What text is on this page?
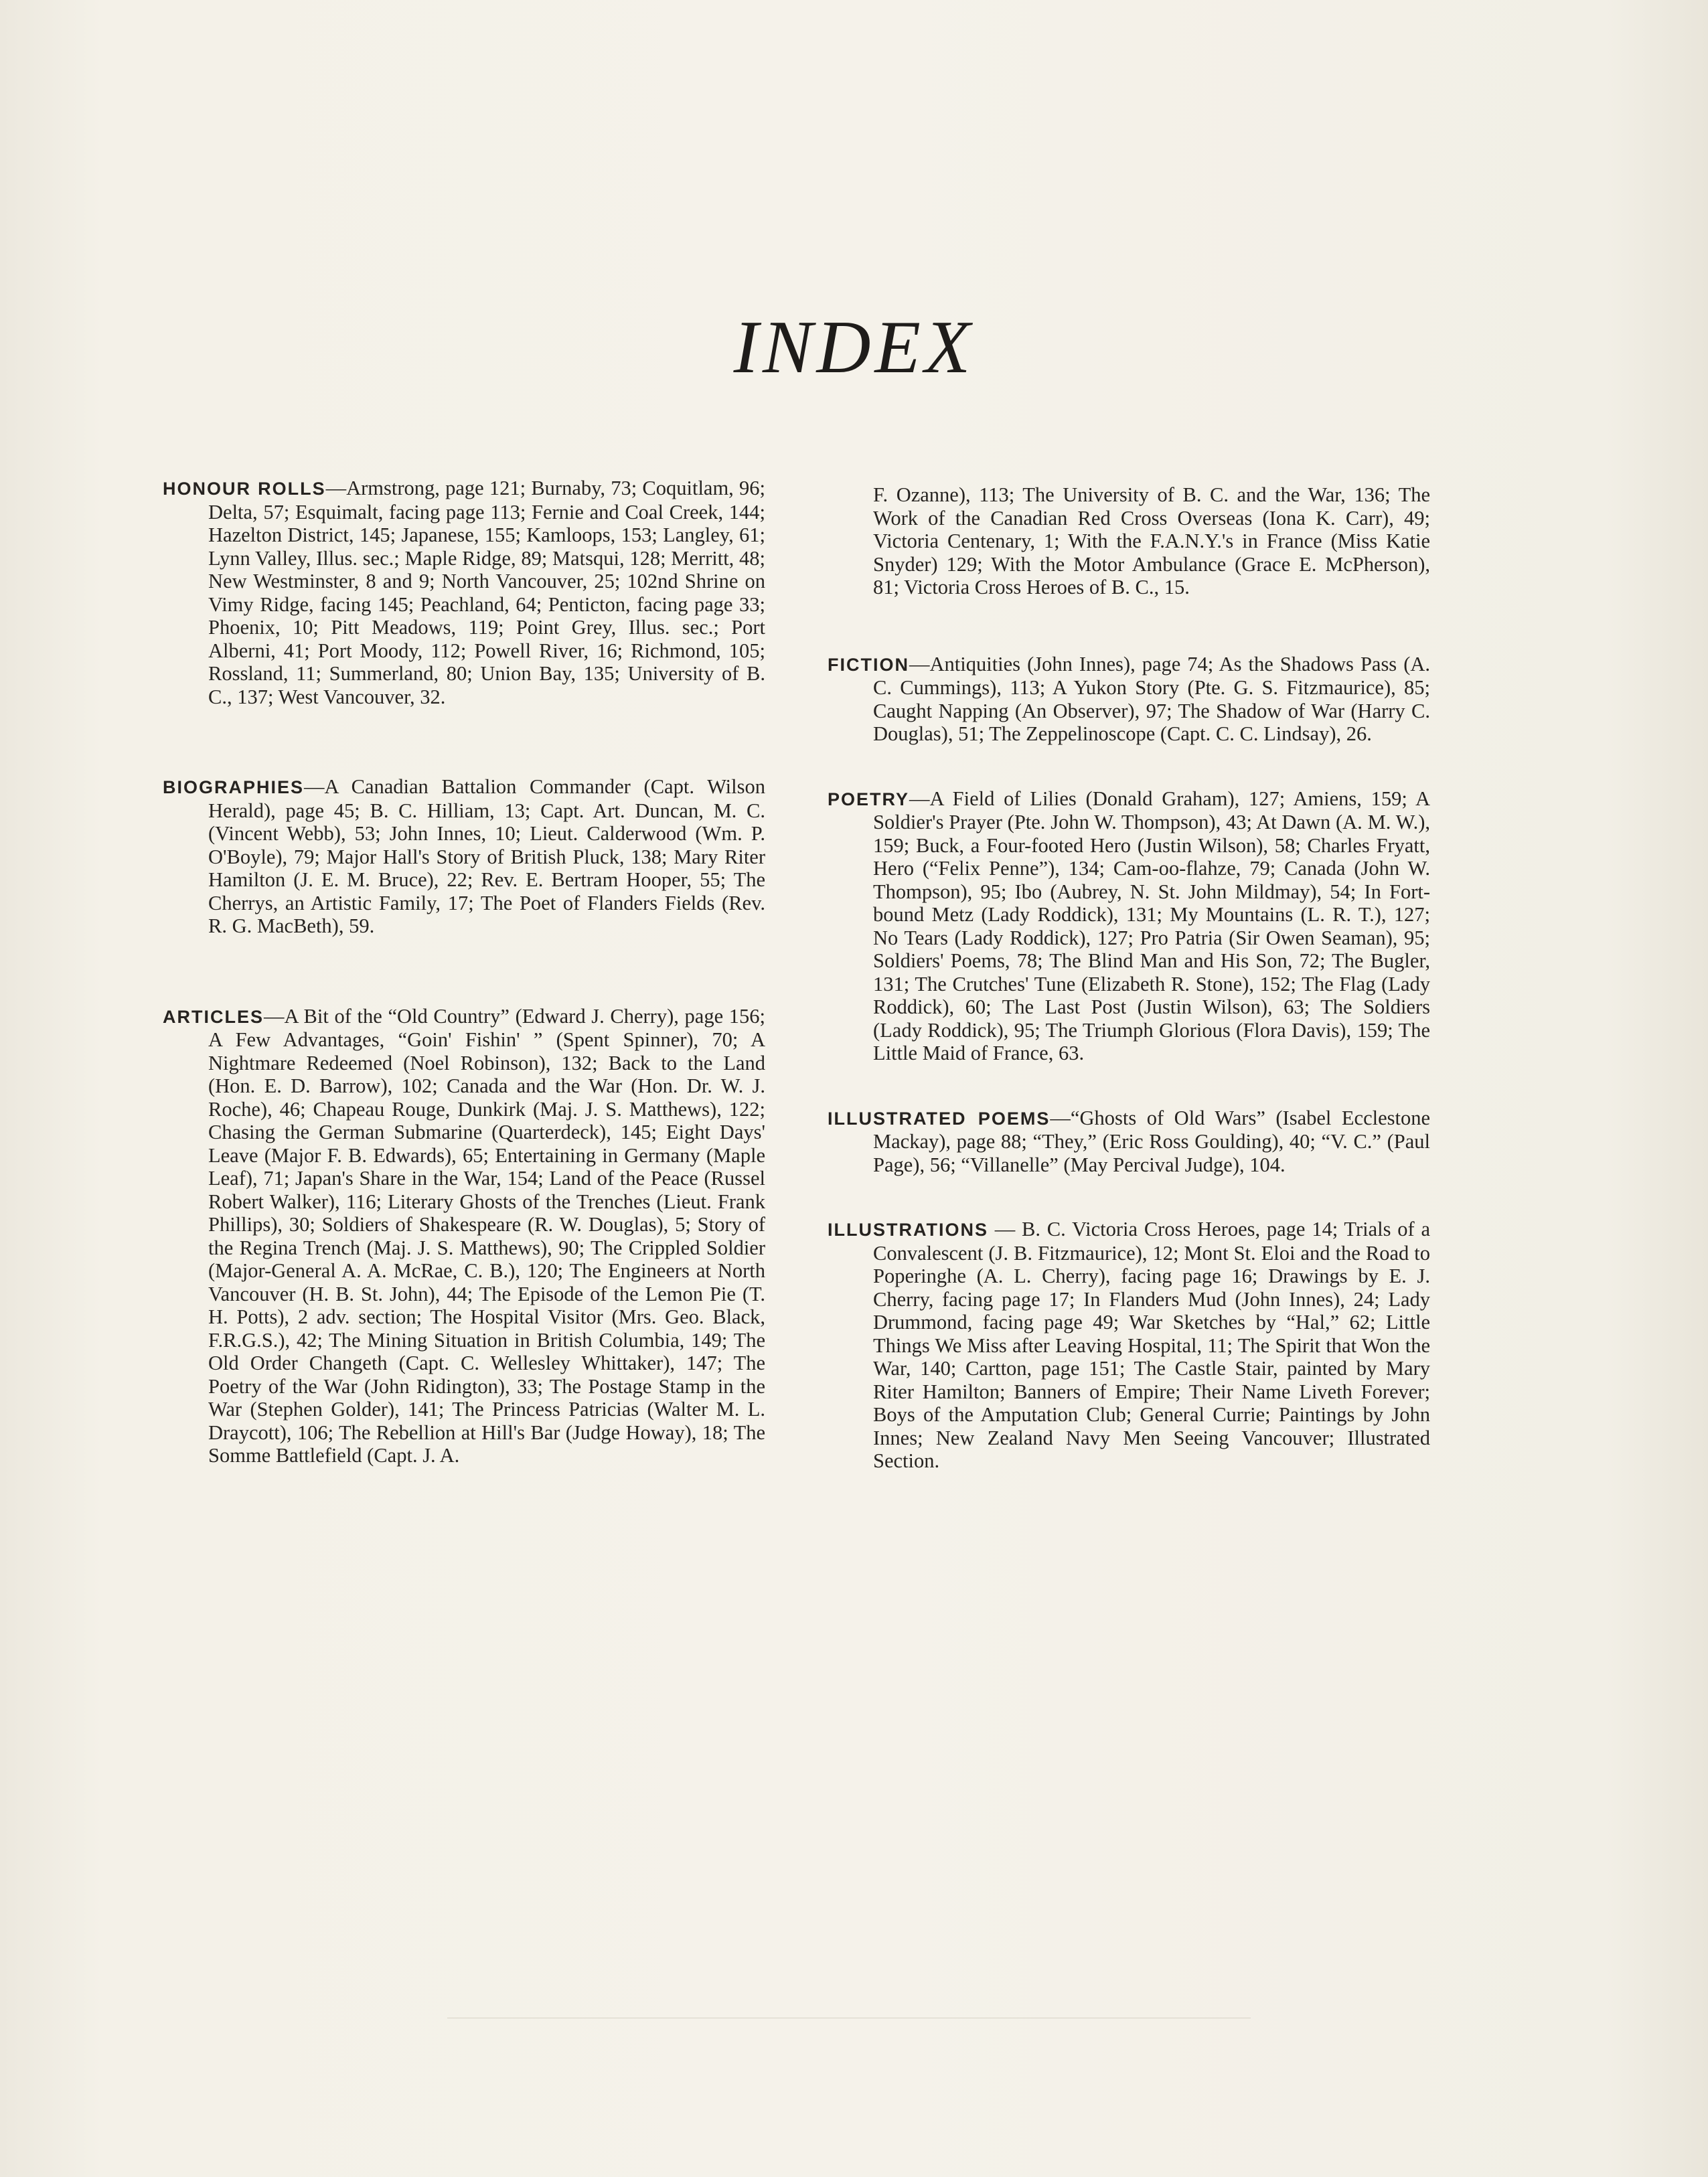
INDEX

HONOUR ROLLS—Armstrong, page 121; Burnaby, 73; Coquitlam, 96; Delta, 57; Esquimalt, facing page 113; Fernie and Coal Creek, 144; Hazelton District, 145; Japanese, 155; Kamloops, 153; Langley, 61; Lynn Valley, Illus. sec.; Maple Ridge, 89; Matsqui, 128; Merritt, 48; New Westminster, 8 and 9; North Vancouver, 25; 102nd Shrine on Vimy Ridge, facing 145; Peachland, 64; Penticton, facing page 33; Phoenix, 10; Pitt Meadows, 119; Point Grey, Illus. sec.; Port Alberni, 41; Port Moody, 112; Powell River, 16; Richmond, 105; Rossland, 11; Summerland, 80; Union Bay, 135; University of B. C., 137; West Vancouver, 32.

BIOGRAPHIES—A Canadian Battalion Commander (Capt. Wilson Herald), page 45; B. C. Hilliam, 13; Capt. Art. Duncan, M. C. (Vincent Webb), 53; John Innes, 10; Lieut. Calderwood (Wm. P. O'Boyle), 79; Major Hall's Story of British Pluck, 138; Mary Riter Hamilton (J. E. M. Bruce), 22; Rev. E. Bertram Hooper, 55; The Cherrys, an Artistic Family, 17; The Poet of Flanders Fields (Rev. R. G. MacBeth), 59.

ARTICLES—A Bit of the “Old Country” (Edward J. Cherry), page 156; A Few Advantages, “Goin' Fishin' ” (Spent Spinner), 70; A Nightmare Redeemed (Noel Robinson), 132; Back to the Land (Hon. E. D. Barrow), 102; Canada and the War (Hon. Dr. W. J. Roche), 46; Chapeau Rouge, Dunkirk (Maj. J. S. Matthews), 122; Chasing the German Submarine (Quarterdeck), 145; Eight Days' Leave (Major F. B. Edwards), 65; Entertaining in Germany (Maple Leaf), 71; Japan's Share in the War, 154; Land of the Peace (Russel Robert Walker), 116; Literary Ghosts of the Trenches (Lieut. Frank Phillips), 30; Soldiers of Shakespeare (R. W. Douglas), 5; Story of the Regina Trench (Maj. J. S. Matthews), 90; The Crippled Soldier (Major-General A. A. McRae, C. B.), 120; The Engineers at North Vancouver (H. B. St. John), 44; The Episode of the Lemon Pie (T. H. Potts), 2 adv. section; The Hospital Visitor (Mrs. Geo. Black, F.R.G.S.), 42; The Mining Situation in British Columbia, 149; The Old Order Changeth (Capt. C. Wellesley Whittaker), 147; The Poetry of the War (John Ridington), 33; The Postage Stamp in the War (Stephen Golder), 141; The Princess Patricias (Walter M. L. Draycott), 106; The Rebellion at Hill's Bar (Judge Howay), 18; The Somme Battlefield (Capt. J. A.

F. Ozanne), 113; The University of B. C. and the War, 136; The Work of the Canadian Red Cross Overseas (Iona K. Carr), 49; Victoria Centenary, 1; With the F.A.N.Y.'s in France (Miss Katie Snyder) 129; With the Motor Ambulance (Grace E. McPherson), 81; Victoria Cross Heroes of B. C., 15.

FICTION—Antiquities (John Innes), page 74; As the Shadows Pass (A. C. Cummings), 113; A Yukon Story (Pte. G. S. Fitzmaurice), 85; Caught Napping (An Observer), 97; The Shadow of War (Harry C. Douglas), 51; The Zeppelinoscope (Capt. C. C. Lindsay), 26.

POETRY—A Field of Lilies (Donald Graham), 127; Amiens, 159; A Soldier's Prayer (Pte. John W. Thompson), 43; At Dawn (A. M. W.), 159; Buck, a Four-footed Hero (Justin Wilson), 58; Charles Fryatt, Hero (“Felix Penne”), 134; Cam-oo-flahze, 79; Canada (John W. Thompson), 95; Ibo (Aubrey, N. St. John Mildmay), 54; In Fort-bound Metz (Lady Roddick), 131; My Mountains (L. R. T.), 127; No Tears (Lady Roddick), 127; Pro Patria (Sir Owen Seaman), 95; Soldiers' Poems, 78; The Blind Man and His Son, 72; The Bugler, 131; The Crutches' Tune (Elizabeth R. Stone), 152; The Flag (Lady Roddick), 60; The Last Post (Justin Wilson), 63; The Soldiers (Lady Roddick), 95; The Triumph Glorious (Flora Davis), 159; The Little Maid of France, 63.

ILLUSTRATED POEMS—“Ghosts of Old Wars” (Isabel Ecclestone Mackay), page 88; “They,” (Eric Ross Goulding), 40; “V. C.” (Paul Page), 56; “Villanelle” (May Percival Judge), 104.

ILLUSTRATIONS — B. C. Victoria Cross Heroes, page 14; Trials of a Convalescent (J. B. Fitzmaurice), 12; Mont St. Eloi and the Road to Poperinghe (A. L. Cherry), facing page 16; Drawings by E. J. Cherry, facing page 17; In Flanders Mud (John Innes), 24; Lady Drummond, facing page 49; War Sketches by “Hal,” 62; Little Things We Miss after Leaving Hospital, 11; The Spirit that Won the War, 140; Cartton, page 151; The Castle Stair, painted by Mary Riter Hamilton; Banners of Empire; Their Name Liveth Forever; Boys of the Amputation Club; General Currie; Paintings by John Innes; New Zealand Navy Men Seeing Vancouver; Illustrated Section.
